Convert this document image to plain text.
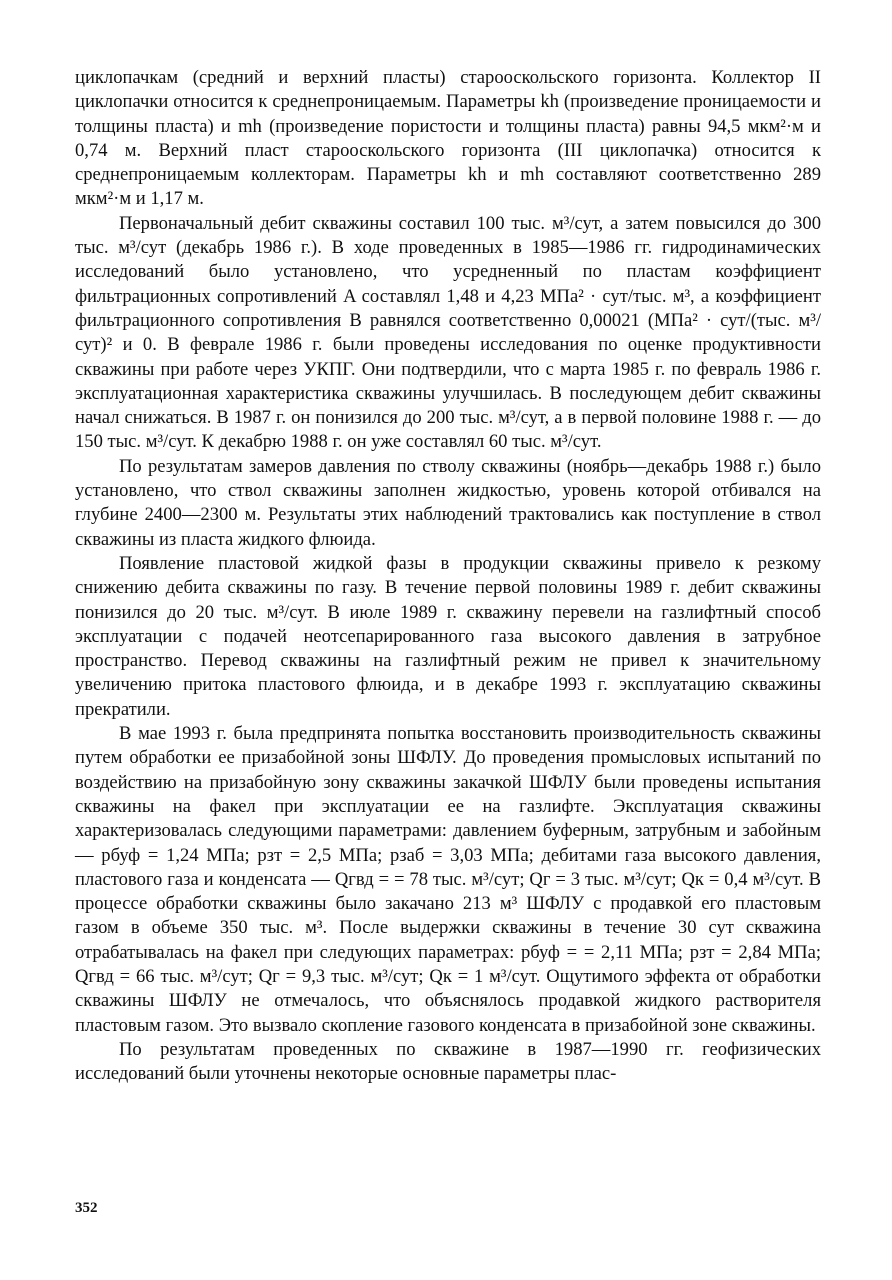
циклопачкам (средний и верхний пласты) старооскольского горизонта. Коллектор II циклопачки относится к среднепроницаемым. Параметры kh (произведение проницаемости и толщины пласта) и mh (произведение пористости и толщины пласта) равны 94,5 мкм²·м и 0,74 м. Верхний пласт старооскольского горизонта (III циклопачка) относится к среднепроницаемым коллекторам. Параметры kh и mh составляют соответственно 289 мкм²·м и 1,17 м.

Первоначальный дебит скважины составил 100 тыс. м³/сут, а затем повысился до 300 тыс. м³/сут (декабрь 1986 г.). В ходе проведенных в 1985—1986 гг. гидродинамических исследований было установлено, что усредненный по пластам коэффициент фильтрационных сопротивлений A составлял 1,48 и 4,23 МПа² · сут/тыс. м³, а коэффициент фильтрационного сопротивления B равнялся соответственно 0,00021 (МПа² · сут/(тыс. м³/сут)² и 0. В феврале 1986 г. были проведены исследования по оценке продуктивности скважины при работе через УКПГ. Они подтвердили, что с марта 1985 г. по февраль 1986 г. эксплуатационная характеристика скважины улучшилась. В последующем дебит скважины начал снижаться. В 1987 г. он понизился до 200 тыс. м³/сут, а в первой половине 1988 г. — до 150 тыс. м³/сут. К декабрю 1988 г. он уже составлял 60 тыс. м³/сут.

По результатам замеров давления по стволу скважины (ноябрь—декабрь 1988 г.) было установлено, что ствол скважины заполнен жидкостью, уровень которой отбивался на глубине 2400—2300 м. Результаты этих наблюдений трактовались как поступление в ствол скважины из пласта жидкого флюида.

Появление пластовой жидкой фазы в продукции скважины привело к резкому снижению дебита скважины по газу. В течение первой половины 1989 г. дебит скважины понизился до 20 тыс. м³/сут. В июле 1989 г. скважину перевели на газлифтный способ эксплуатации с подачей неотсепарированного газа высокого давления в затрубное пространство. Перевод скважины на газлифтный режим не привел к значительному увеличению притока пластового флюида, и в декабре 1993 г. эксплуатацию скважины прекратили.

В мае 1993 г. была предпринята попытка восстановить производительность скважины путем обработки ее призабойной зоны ШФЛУ. До проведения промысловых испытаний по воздействию на призабойную зону скважины закачкой ШФЛУ были проведены испытания скважины на факел при эксплуатации ее на газлифте. Эксплуатация скважины характеризовалась следующими параметрами: давлением буферным, затрубным и забойным — pбуф = 1,24 МПа; pзт = 2,5 МПа; pзаб = 3,03 МПа; дебитами газа высокого давления, пластового газа и конденсата — Qгвд = = 78 тыс. м³/сут; Qг = 3 тыс. м³/сут; Qк = 0,4 м³/сут. В процессе обработки скважины было закачано 213 м³ ШФЛУ с продавкой его пластовым газом в объеме 350 тыс. м³. После выдержки скважины в течение 30 сут скважина отрабатывалась на факел при следующих параметрах: pбуф = = 2,11 МПа; pзт = 2,84 МПа; Qгвд = 66 тыс. м³/сут; Qг = 9,3 тыс. м³/сут; Qк = 1 м³/сут. Ощутимого эффекта от обработки скважины ШФЛУ не отмечалось, что объяснялось продавкой жидкого растворителя пластовым газом. Это вызвало скопление газового конденсата в призабойной зоне скважины.

По результатам проведенных по скважине в 1987—1990 гг. геофизических исследований были уточнены некоторые основные параметры плас-

352
